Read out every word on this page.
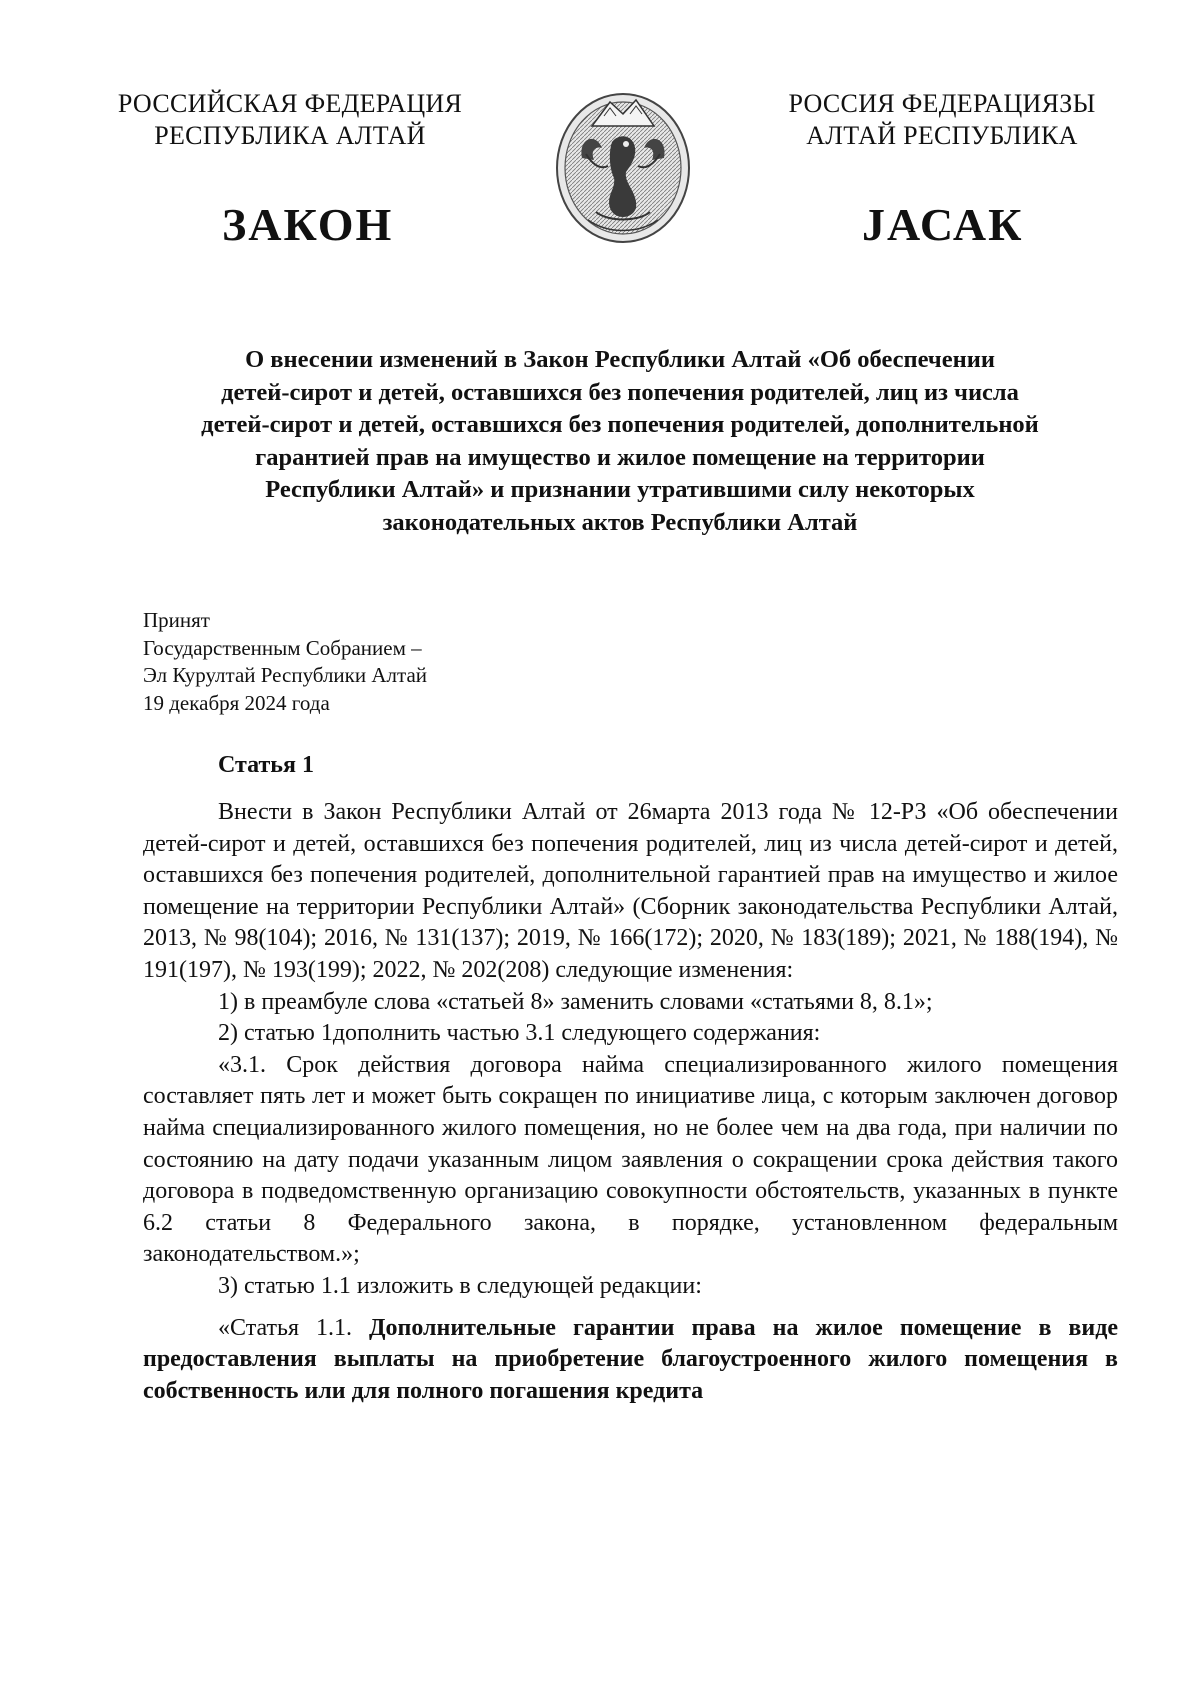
РОССИЙСКАЯ ФЕДЕРАЦИЯ
РЕСПУБЛИКА АЛТАЙ
РОССИЯ ФЕДЕРАЦИЯЗЫ
АЛТАЙ РЕСПУБЛИКА
ЗАКОН	ЈАСАК
О внесении изменений в Закон Республики Алтай «Об обеспечении
детей-сирот и детей, оставшихся без попечения родителей, лиц из числа
детей-сирот и детей, оставшихся без попечения родителей, дополнительной
гарантией прав на имущество и жилое помещение на территории
Республики Алтай» и признании утратившими силу некоторых
законодательных актов Республики Алтай
Принят
Государственным Собранием –
Эл Курултай Республики Алтай
19 декабря 2024 года
Статья 1

Внести в Закон Республики Алтай от 26марта 2013 года № 12-РЗ «Об обеспечении детей-сирот и детей, оставшихся без попечения родителей, лиц из числа детей-сирот и детей, оставшихся без попечения родителей, дополнительной гарантией прав на имущество и жилое помещение на территории Республики Алтай» (Сборник законодательства Республики Алтай, 2013, № 98(104); 2016, № 131(137); 2019, № 166(172); 2020, № 183(189); 2021, № 188(194), № 191(197), № 193(199); 2022, № 202(208) следующие изменения:

1) в преамбуле слова «статьей 8» заменить словами «статьями 8, 8.1»;

2) статью 1дополнить частью 3.1 следующего содержания:

«3.1. Срок действия договора найма специализированного жилого помещения составляет пять лет и может быть сокращен по инициативе лица, с которым заключен договор найма специализированного жилого помещения, но не более чем на два года, при наличии по состоянию на дату подачи указанным лицом заявления о сокращении срока действия такого договора в подведомственную организацию совокупности обстоятельств, указанных в пункте 6.2 статьи 8 Федерального закона, в порядке, установленном федеральным законодательством.»;

3) статью 1.1 изложить в следующей редакции:

«Статья 1.1. Дополнительные гарантии права на жилое помещение в виде предоставления выплаты на приобретение благоустроенного жилого помещения в собственность или для полного погашения кредита
